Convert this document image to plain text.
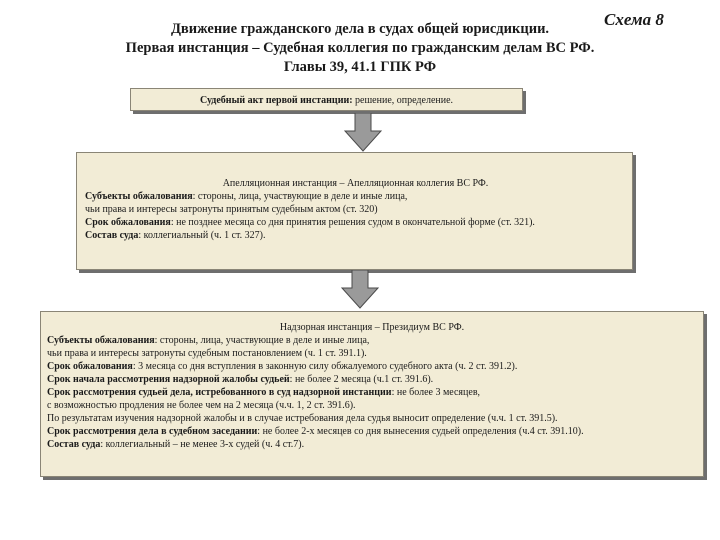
Схема 8
Движение гражданского дела в судах общей юрисдикции.
Первая инстанция – Судебная коллегия по гражданским делам ВС РФ.
Главы 39, 41.1 ГПК РФ
Судебный акт первой инстанции: решение, определение.
Апелляционная инстанция – Апелляционная коллегия ВС РФ.
Субъекты обжалования: стороны, лица, участвующие в деле и иные лица,
чьи права и интересы затронуты принятым судебным актом (ст. 320)
Срок обжалования: не позднее месяца со дня принятия решения судом в окончательной форме (ст. 321).
Состав суда: коллегиальный (ч. 1 ст. 327).
Надзорная инстанция – Президиум ВС РФ.
Субъекты обжалования: стороны, лица, участвующие в деле и иные лица,
чьи права и интересы затронуты судебным постановлением (ч. 1 ст. 391.1).
Срок обжалования: 3 месяца со дня вступления в законную силу обжалуемого судебного акта (ч. 2 ст. 391.2).
Срок начала рассмотрения надзорной жалобы судьей: не более 2 месяца (ч.1 ст. 391.6).
Срок рассмотрения судьей дела, истребованного в суд надзорной инстанции: не более 3 месяцев,
с возможностью продления не более чем на 2 месяца (ч.ч. 1, 2 ст. 391.6).
По результатам изучения надзорной жалобы и в случае истребования дела судья выносит определение (ч.ч. 1 ст. 391.5).
Срок рассмотрения дела в судебном заседании: не более 2-х месяцев со дня вынесения судьей определения (ч.4 ст. 391.10).
Состав суда: коллегиальный – не менее 3-х судей (ч. 4 ст.7).
